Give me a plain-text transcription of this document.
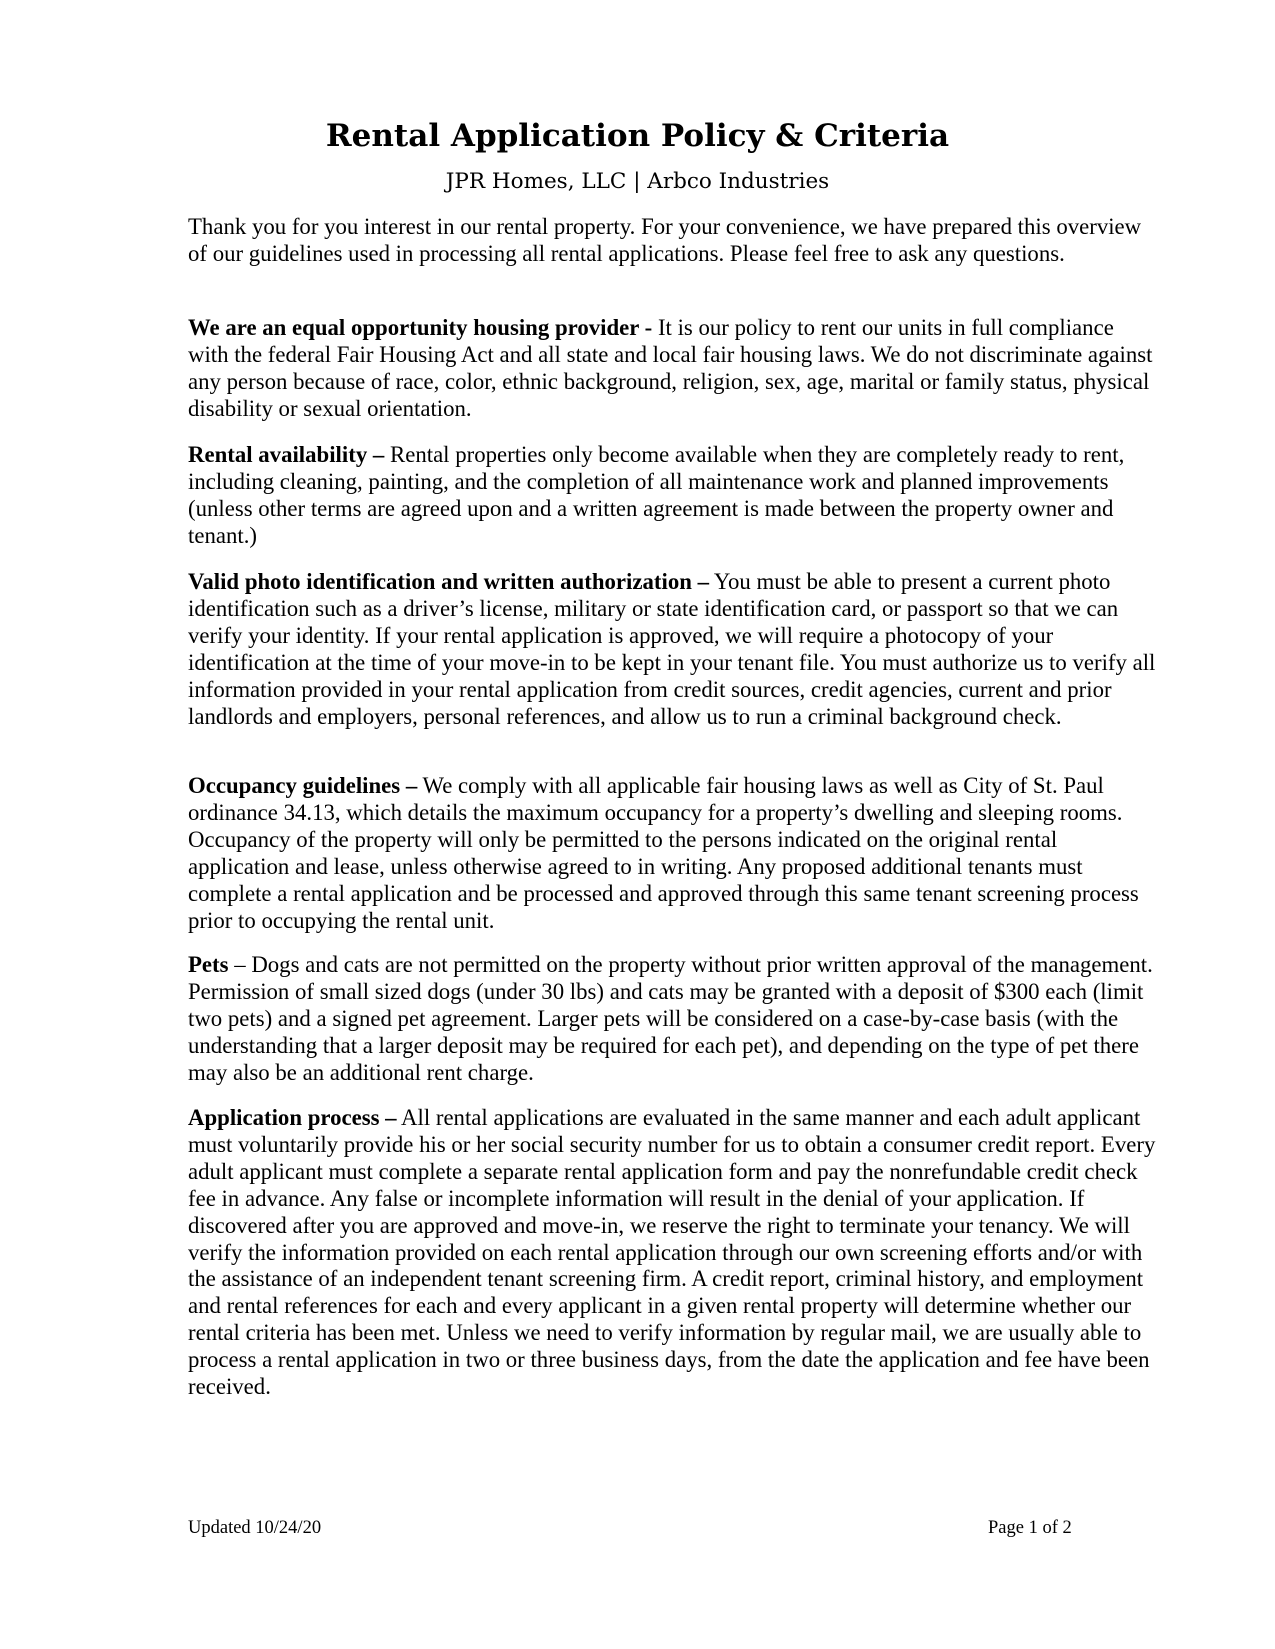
Rental Application Policy & Criteria

JPR Homes, LLC | Arbco Industries

Thank you for you interest in our rental property. For your convenience, we have prepared this overview of our guidelines used in processing all rental applications. Please feel free to ask any questions.

We are an equal opportunity housing provider - It is our policy to rent our units in full compliance with the federal Fair Housing Act and all state and local fair housing laws. We do not discriminate against any person because of race, color, ethnic background, religion, sex, age, marital or family status, physical disability or sexual orientation.

Rental availability – Rental properties only become available when they are completely ready to rent, including cleaning, painting, and the completion of all maintenance work and planned improvements (unless other terms are agreed upon and a written agreement is made between the property owner and tenant.)

Valid photo identification and written authorization – You must be able to present a current photo identification such as a driver’s license, military or state identification card, or passport so that we can verify your identity. If your rental application is approved, we will require a photocopy of your identification at the time of your move-in to be kept in your tenant file. You must authorize us to verify all information provided in your rental application from credit sources, credit agencies, current and prior landlords and employers, personal references, and allow us to run a criminal background check.

Occupancy guidelines – We comply with all applicable fair housing laws as well as City of St. Paul ordinance 34.13, which details the maximum occupancy for a property’s dwelling and sleeping rooms. Occupancy of the property will only be permitted to the persons indicated on the original rental application and lease, unless otherwise agreed to in writing. Any proposed additional tenants must complete a rental application and be processed and approved through this same tenant screening process prior to occupying the rental unit.

Pets – Dogs and cats are not permitted on the property without prior written approval of the management. Permission of small sized dogs (under 30 lbs) and cats may be granted with a deposit of $300 each (limit two pets) and a signed pet agreement. Larger pets will be considered on a case-by-case basis (with the understanding that a larger deposit may be required for each pet), and depending on the type of pet there may also be an additional rent charge.

Application process – All rental applications are evaluated in the same manner and each adult applicant must voluntarily provide his or her social security number for us to obtain a consumer credit report. Every adult applicant must complete a separate rental application form and pay the nonrefundable credit check fee in advance. Any false or incomplete information will result in the denial of your application. If discovered after you are approved and move-in, we reserve the right to terminate your tenancy. We will verify the information provided on each rental application through our own screening efforts and/or with the assistance of an independent tenant screening firm. A credit report, criminal history, and employment and rental references for each and every applicant in a given rental property will determine whether our rental criteria has been met. Unless we need to verify information by regular mail, we are usually able to process a rental application in two or three business days, from the date the application and fee have been received.

Updated 10/24/20	Page 1 of 2
